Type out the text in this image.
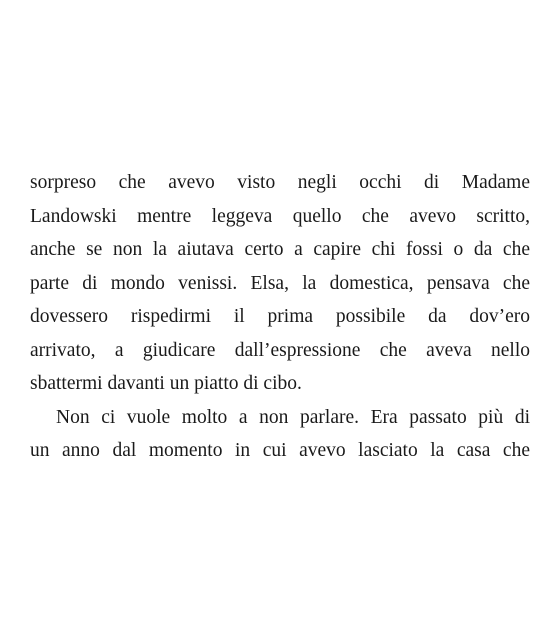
sorpreso che avevo visto negli occhi di Madame
Landowski mentre leggeva quello che avevo scritto,
anche se non la aiutava certo a capire chi fossi o da che
parte di mondo venissi. Elsa, la domestica, pensava che
dovessero rispedirmi il prima possibile da dov’ero
arrivato, a giudicare dall’espressione che aveva nello
sbattermi davanti un piatto di cibo.
Non ci vuole molto a non parlare. Era passato più di
un anno dal momento in cui avevo lasciato la casa che
